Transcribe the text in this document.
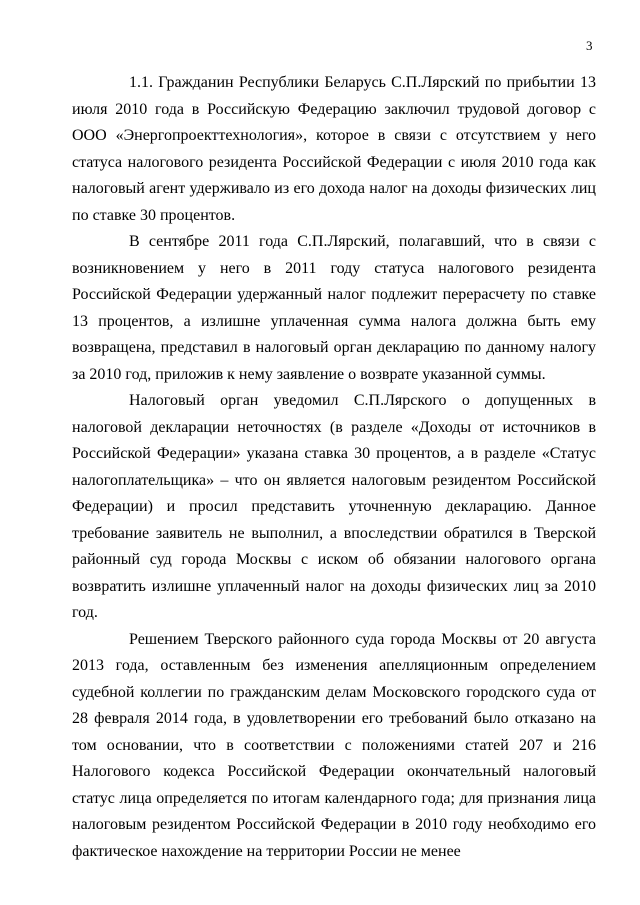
3

1.1. Гражданин Республики Беларусь С.П.Лярский по прибытии 13 июля 2010 года в Российскую Федерацию заключил трудовой договор с ООО «Энергопроекттехнология», которое в связи с отсутствием у него статуса налогового резидента Российской Федерации с июля 2010 года как налоговый агент удерживало из его дохода налог на доходы физических лиц по ставке 30 процентов.

В сентябре 2011 года С.П.Лярский, полагавший, что в связи с возникновением у него в 2011 году статуса налогового резидента Российской Федерации удержанный налог подлежит перерасчету по ставке 13 процентов, а излишне уплаченная сумма налога должна быть ему возвращена, представил в налоговый орган декларацию по данному налогу за 2010 год, приложив к нему заявление о возврате указанной суммы.

Налоговый орган уведомил С.П.Лярского о допущенных в налоговой декларации неточностях (в разделе «Доходы от источников в Российской Федерации» указана ставка 30 процентов, а в разделе «Статус налогоплательщика» – что он является налоговым резидентом Российской Федерации) и просил представить уточненную декларацию. Данное требование заявитель не выполнил, а впоследствии обратился в Тверской районный суд города Москвы с иском об обязании налогового органа возвратить излишне уплаченный налог на доходы физических лиц за 2010 год.

Решением Тверского районного суда города Москвы от 20 августа 2013 года, оставленным без изменения апелляционным определением судебной коллегии по гражданским делам Московского городского суда от 28 февраля 2014 года, в удовлетворении его требований было отказано на том основании, что в соответствии с положениями статей 207 и 216 Налогового кодекса Российской Федерации окончательный налоговый статус лица определяется по итогам календарного года; для признания лица налоговым резидентом Российской Федерации в 2010 году необходимо его фактическое нахождение на территории России не менее
